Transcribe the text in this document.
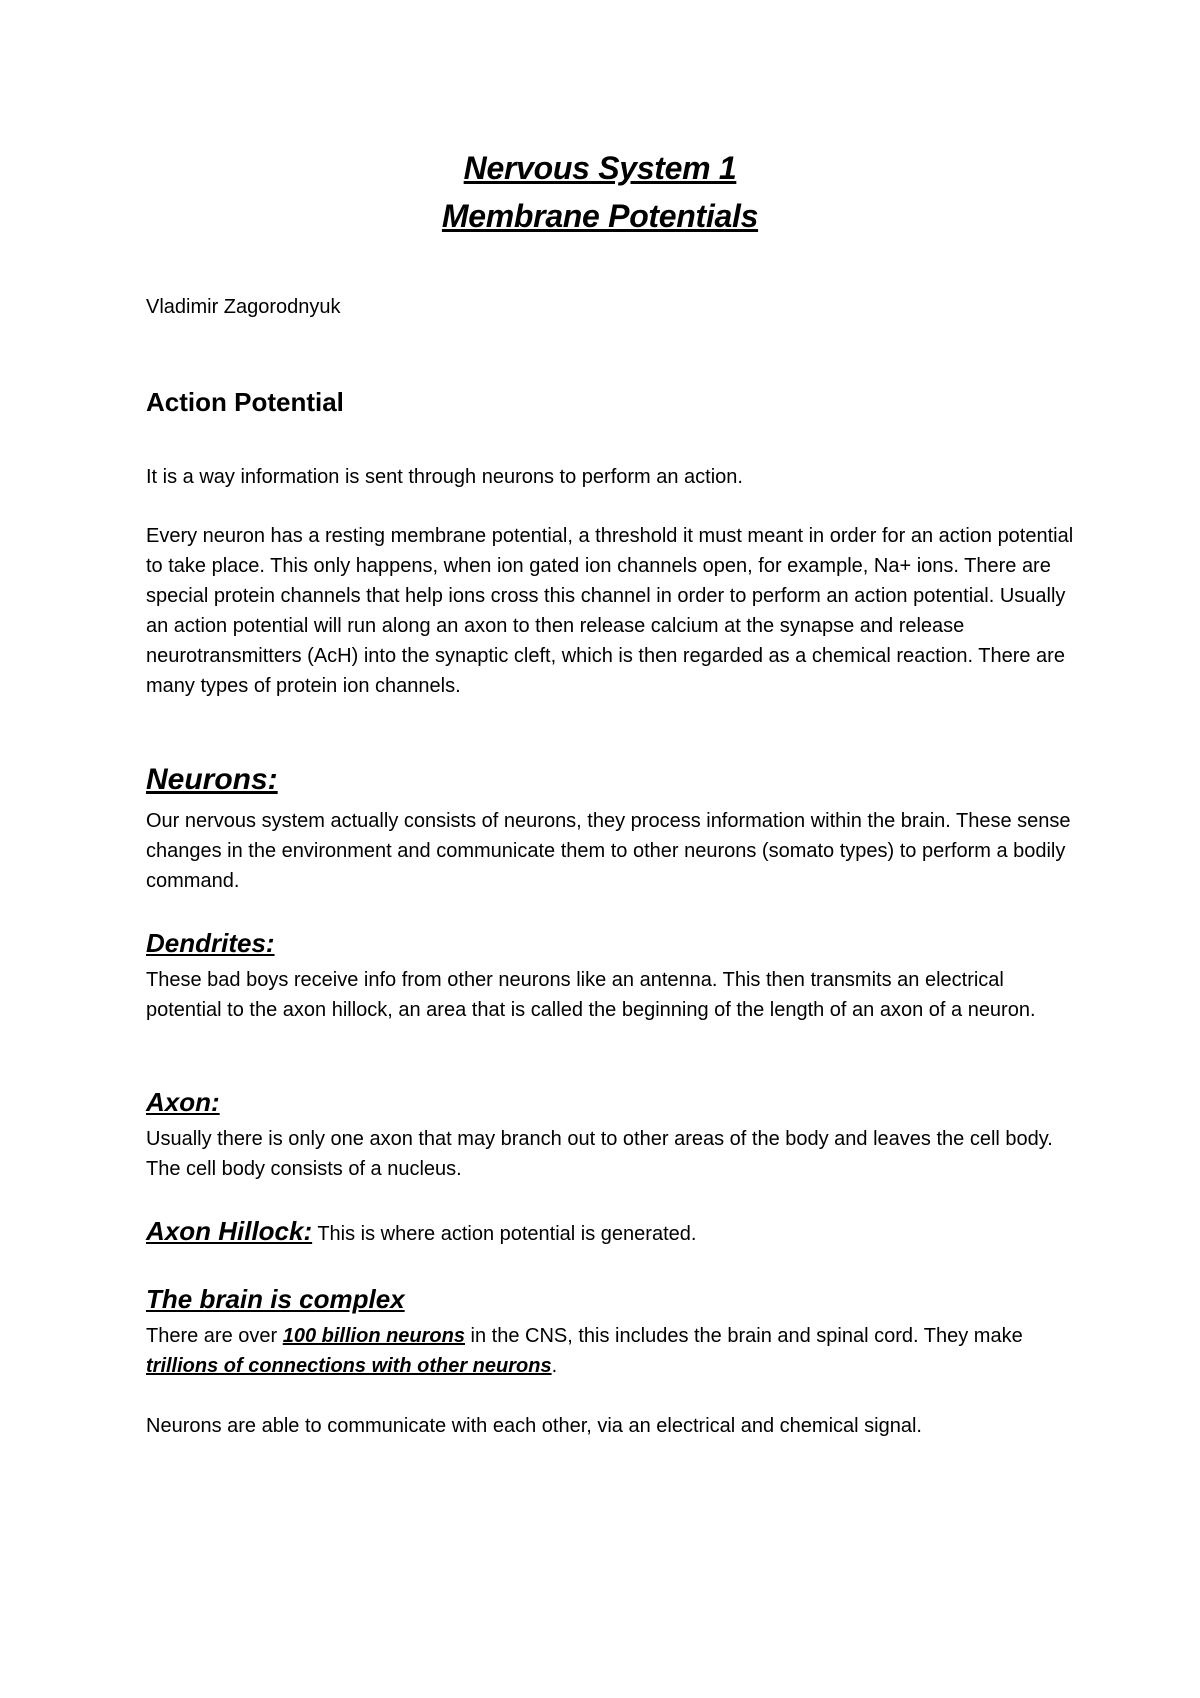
Nervous System 1
Membrane Potentials
Vladimir Zagorodnyuk
Action Potential

It is a way information is sent through neurons to perform an action.

Every neuron has a resting membrane potential, a threshold it must meant in order for an action potential to take place. This only happens, when ion gated ion channels open, for example, Na+ ions. There are special protein channels that help ions cross this channel in order to perform an action potential. Usually an action potential will run along an axon to then release calcium at the synapse and release neurotransmitters (AcH) into the synaptic cleft, which is then regarded as a chemical reaction. There are many types of protein ion channels.

Neurons:

Our nervous system actually consists of neurons, they process information within the brain. These sense changes in the environment and communicate them to other neurons (somato types) to perform a bodily command.

Dendrites:

These bad boys receive info from other neurons like an antenna. This then transmits an electrical potential to the axon hillock, an area that is called the beginning of the length of an axon of a neuron.

Axon:

Usually there is only one axon that may branch out to other areas of the body and leaves the cell body. The cell body consists of a nucleus.

Axon Hillock: This is where action potential is generated.

The brain is complex

There are over 100 billion neurons in the CNS, this includes the brain and spinal cord. They make trillions of connections with other neurons.

Neurons are able to communicate with each other, via an electrical and chemical signal.
